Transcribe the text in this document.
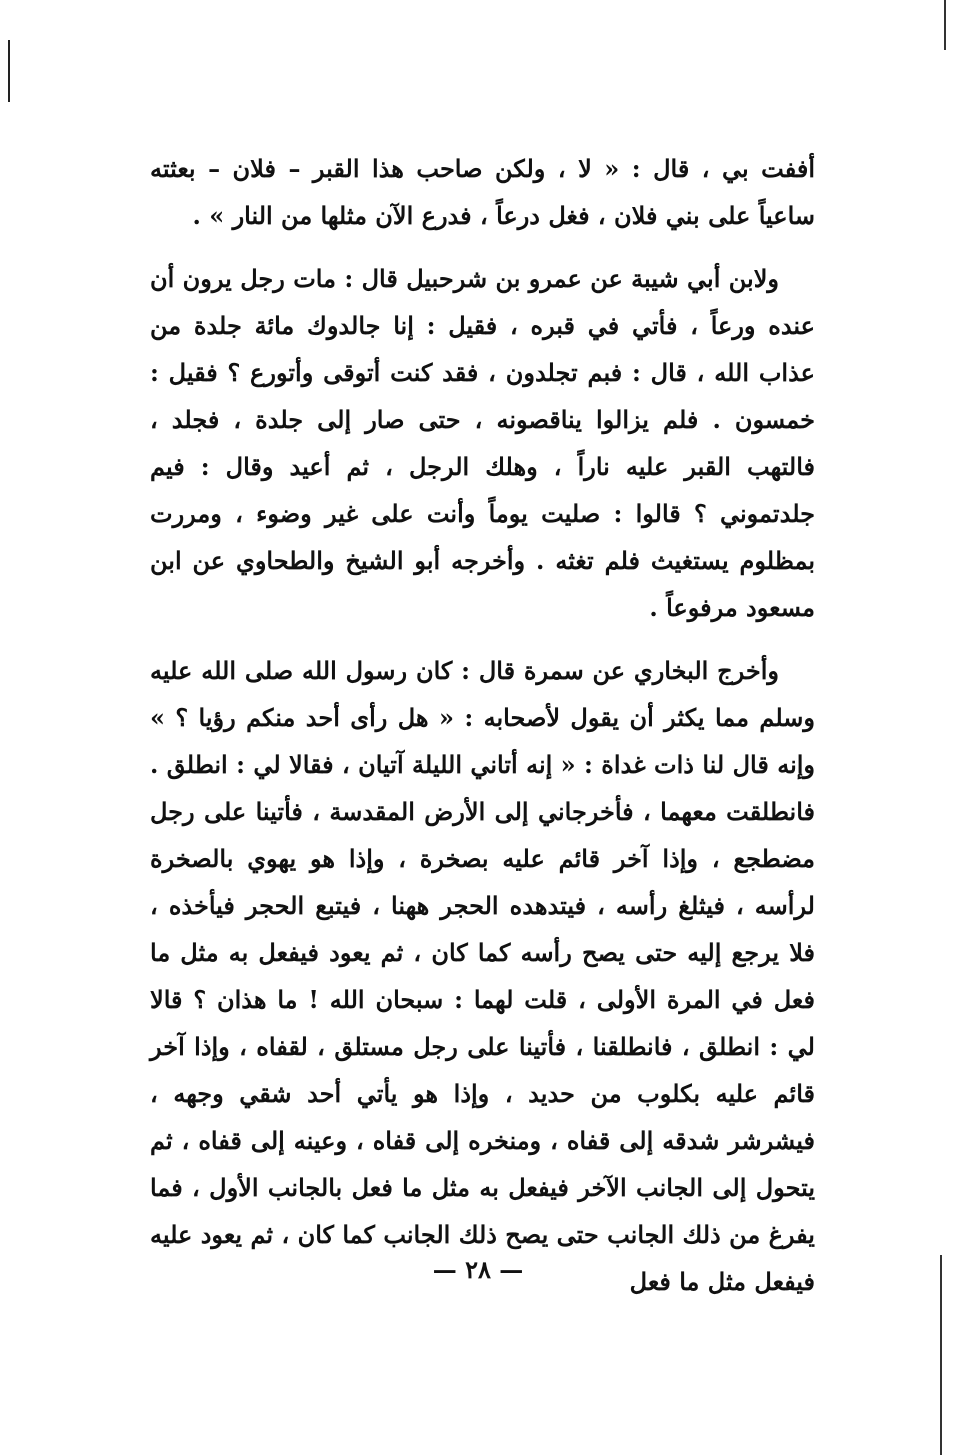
أففت بي ، قال : « لا ، ولكن صاحب هذا القبر – فلان – بعثته ساعياً على بني فلان ، فغل درعاً ، فدرع الآن مثلها من النار » .

ولابن أبي شيبة عن عمرو بن شرحبيل قال : مات رجل يرون أن عنده ورعاً ، فأتي في قبره ، فقيل : إنا جالدوك مائة جلدة من عذاب الله ، قال : فبم تجلدون ، فقد كنت أتوقى وأتورع ؟ فقيل : خمسون . فلم يزالوا يناقصونه ، حتى صار إلى جلدة ، فجلد ، فالتهب القبر عليه ناراً ، وهلك الرجل ، ثم أعيد وقال : فيم جلدتموني ؟ قالوا : صليت يوماً وأنت على غير وضوء ، ومررت بمظلوم يستغيث فلم تغثه . وأخرجه أبو الشيخ والطحاوي عن ابن مسعود مرفوعاً .

وأخرج البخاري عن سمرة قال : كان رسول الله صلى الله عليه وسلم مما يكثر أن يقول لأصحابه : « هل رأى أحد منكم رؤيا ؟ » وإنه قال لنا ذات غداة : « إنه أتاني الليلة آتيان ، فقالا لي : انطلق . فانطلقت معهما ، فأخرجاني إلى الأرض المقدسة ، فأتينا على رجل مضطجع ، وإذا آخر قائم عليه بصخرة ، وإذا هو يهوي بالصخرة لرأسه ، فيثلغ رأسه ، فيتدهده الحجر ههنا ، فيتبع الحجر فيأخذه ، فلا يرجع إليه حتى يصح رأسه كما كان ، ثم يعود فيفعل به مثل ما فعل في المرة الأولى ، قلت لهما : سبحان الله ! ما هذان ؟ قالا لي : انطلق ، فانطلقنا ، فأتينا على رجل مستلق ، لقفاه ، وإذا آخر قائم عليه بكلوب من حديد ، وإذا هو يأتي أحد شقي وجهه ، فيشرشر شدقه إلى قفاه ، ومنخره إلى قفاه ، وعينه إلى قفاه ، ثم يتحول إلى الجانب الآخر فيفعل به مثل ما فعل بالجانب الأول ، فما يفرغ من ذلك الجانب حتى يصح ذلك الجانب كما كان ، ثم يعود عليه فيفعل مثل ما فعل

— ٢٨ —
